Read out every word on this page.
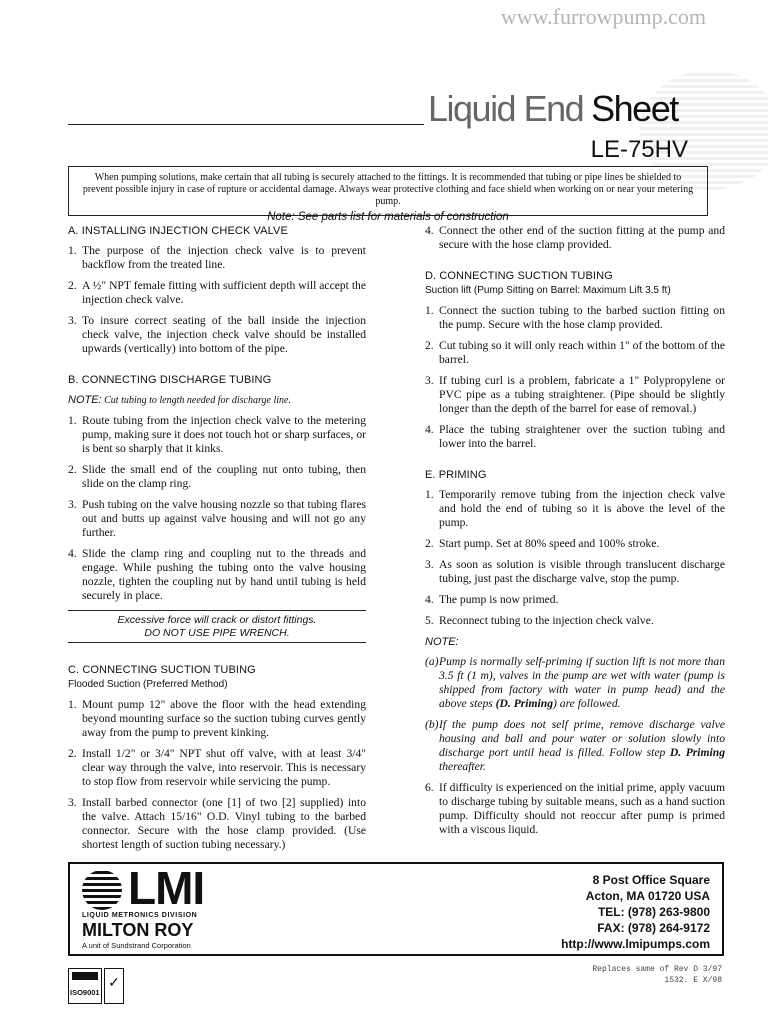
www.furrowpump.com
Liquid End Sheet
LE-75HV
When pumping solutions, make certain that all tubing is securely attached to the fittings. It is recommended that tubing or pipe lines be shielded to prevent possible injury in case of rupture or accidental damage. Always wear protective clothing and face shield when working on or near your metering pump.
Note: See parts list for materials of construction
A. INSTALLING INJECTION CHECK VALVE
1. The purpose of the injection check valve is to prevent backflow from the treated line.
2. A ½" NPT female fitting with sufficient depth will accept the injection check valve.
3. To insure correct seating of the ball inside the injection check valve, the injection check valve should be installed upwards (vertically) into bottom of the pipe.
B. CONNECTING DISCHARGE TUBING
NOTE: Cut tubing to length needed for discharge line.
1. Route tubing from the injection check valve to the metering pump, making sure it does not touch hot or sharp surfaces, or is bent so sharply that it kinks.
2. Slide the small end of the coupling nut onto tubing, then slide on the clamp ring.
3. Push tubing on the valve housing nozzle so that tubing flares out and butts up against valve housing and will not go any further.
4. Slide the clamp ring and coupling nut to the threads and engage. While pushing the tubing onto the valve housing nozzle, tighten the coupling nut by hand until tubing is held securely in place.
Excessive force will crack or distort fittings.
DO NOT USE PIPE WRENCH.
C. CONNECTING SUCTION TUBING
Flooded Suction (Preferred Method)
1. Mount pump 12" above the floor with the head extending beyond mounting surface so the suction tubing curves gently away from the pump to prevent kinking.
2. Install 1/2" or 3/4" NPT shut off valve, with at least 3/4" clear way through the valve, into reservoir. This is necessary to stop flow from reservoir while servicing the pump.
3. Install barbed connector (one [1] of two [2] supplied) into the valve. Attach 15/16" O.D. Vinyl tubing to the barbed connector. Secure with the hose clamp provided. (Use shortest length of suction tubing necessary.)
4. Connect the other end of the suction fitting at the pump and secure with the hose clamp provided.
D. CONNECTING SUCTION TUBING
Suction lift (Pump Sitting on Barrel: Maximum Lift 3.5 ft)
1. Connect the suction tubing to the barbed suction fitting on the pump. Secure with the hose clamp provided.
2. Cut tubing so it will only reach within 1" of the bottom of the barrel.
3. If tubing curl is a problem, fabricate a 1" Polypropylene or PVC pipe as a tubing straightener. (Pipe should be slightly longer than the depth of the barrel for ease of removal.)
4. Place the tubing straightener over the suction tubing and lower into the barrel.
E. PRIMING
1. Temporarily remove tubing from the injection check valve and hold the end of tubing so it is above the level of the pump.
2. Start pump. Set at 80% speed and 100% stroke.
3. As soon as solution is visible through translucent discharge tubing, just past the discharge valve, stop the pump.
4. The pump is now primed.
5. Reconnect tubing to the injection check valve.
NOTE:
(a) Pump is normally self-priming if suction lift is not more than 3.5 ft (1 m), valves in the pump are wet with water (pump is shipped from factory with water in pump head) and the above steps (D. Priming) are followed.
(b) If the pump does not self prime, remove discharge valve housing and ball and pour water or solution slowly into discharge port until head is filled. Follow step D. Priming thereafter.
6. If difficulty is experienced on the initial prime, apply vacuum to discharge tubing by suitable means, such as a hand suction pump. Difficulty should not reoccur after pump is primed with a viscous liquid.
LMI
LIQUID METRONICS DIVISION
MILTON ROY
A unit of Sundstrand Corporation
8 Post Office Square
Acton, MA 01720 USA
TEL: (978) 263-9800
FAX: (978) 264-9172
http://www.lmipumps.com
ISO9001
✓
Replaces same of Rev D 3/97
1532. E X/98
